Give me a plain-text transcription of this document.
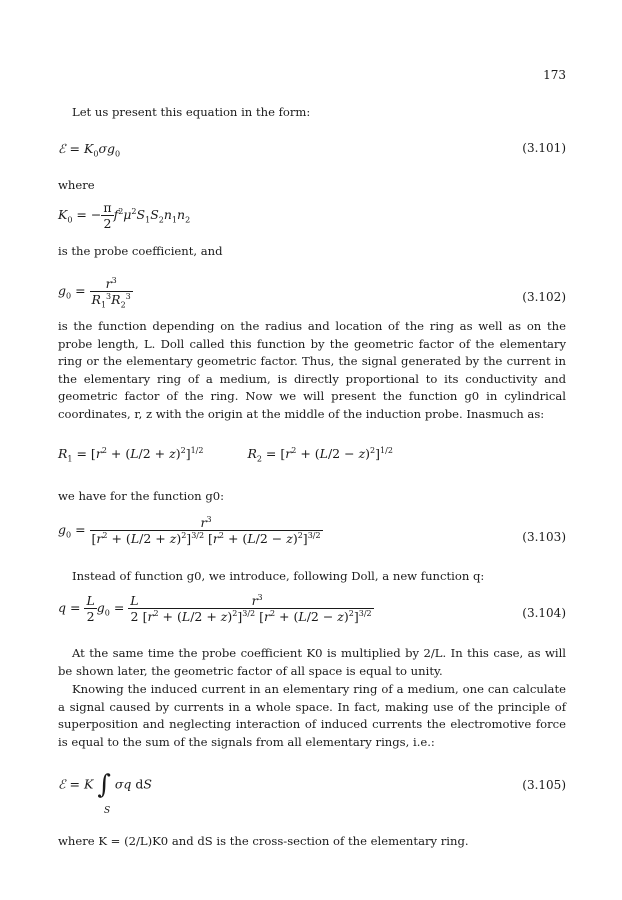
173
Let us present this equation in the form:
ℰ = $K_0\sigma g_0$	(3.101)
where
$K_0$ = − $\frac{\pi}{2} f^2\mu^2S_1S_2n_1n_2$
is the probe coefficient, and
$g_0 = \frac{r^3}{R_1^3R_2^3}$	(3.102)
is the function depending on the radius and location of the ring as well as on the probe length, L. Doll called this function by the geometric factor of the elementary ring or the elementary geometric factor. Thus, the signal generated by the current in the elementary ring of a medium, is directly proportional to its conductivity and geometric factor of the ring. Now we will present the function g0 in cylindrical coordinates, r, z with the origin at the middle of the induction probe. Inasmuch as:
$R_1 = [r^2 + (L/2 + z)^2]^{1/2}$	$R_2 = [r^2 + (L/2 - z)^2]^{1/2}$
we have for the function g0:
$g_0 = \frac{r^3}{[r^2 + (L/2 + z)^2]^{3/2} [r^2 + (L/2 - z)^2]^{3/2}}$	(3.103)
Instead of function g0, we introduce, following Doll, a new function q:
$q = \frac{L}{2} g_0 = \frac{L}{2} \frac{r^3}{[r^2 + (L/2 + z)^2]^{3/2} [r^2 + (L/2 - z)^2]^{3/2}}$	(3.104)
At the same time the probe coefficient K0 is multiplied by 2/L. In this case, as will be shown later, the geometric factor of all space is equal to unity.
Knowing the induced current in an elementary ring of a medium, one can calculate a signal caused by currents in a whole space. In fact, making use of the principle of superposition and neglecting interaction of induced currents the electromotive force is equal to the sum of the signals from all elementary rings, i.e.:
ℰ = K ∫ σq dS
S
(3.105)
where K = (2/L)K0 and dS is the cross-section of the elementary ring.
